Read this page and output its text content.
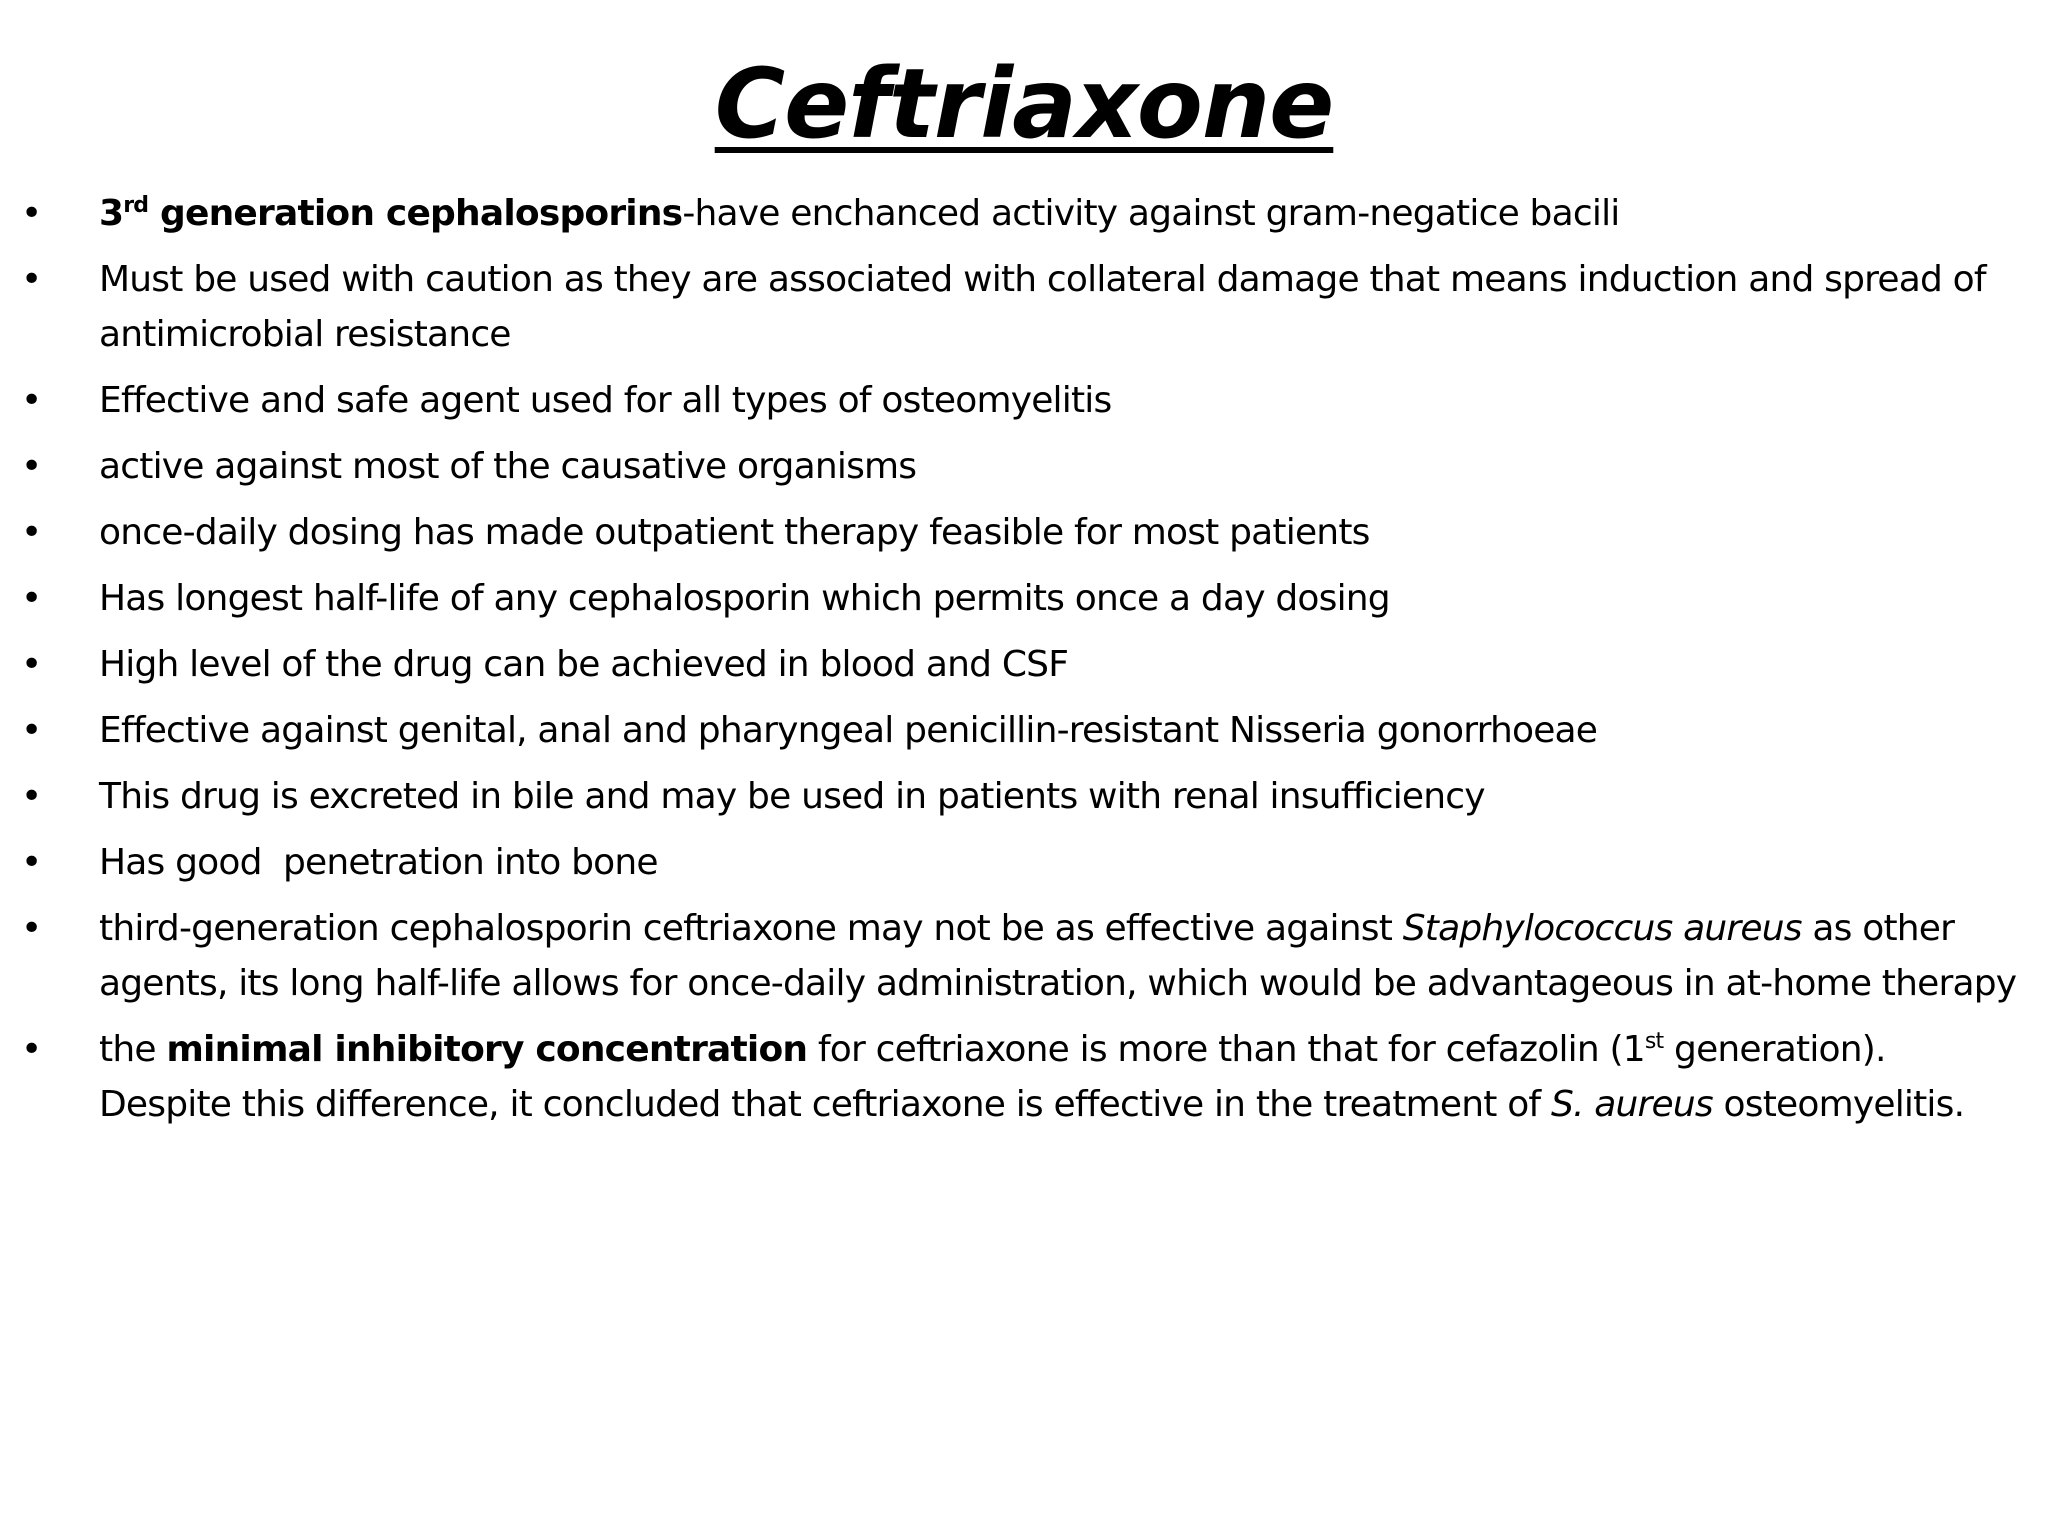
Ceftriaxone
• 3rd generation cephalosporins-have enchanced activity against gram-negatice bacili
• Must be used with caution as they are associated with collateral damage that means induction and spread of antimicrobial resistance
• Effective and safe agent used for all types of osteomyelitis
• active against most of the causative organisms
• once-daily dosing has made outpatient therapy feasible for most patients
• Has longest half-life of any cephalosporin which permits once a day dosing
• High level of the drug can be achieved in blood and CSF
• Effective against genital, anal and pharyngeal penicillin-resistant Nisseria gonorrhoeae
• This drug is excreted in bile and may be used in patients with renal insufficiency
• Has good  penetration into bone
• third-generation cephalosporin ceftriaxone may not be as effective against Staphylococcus aureus as other agents, its long half-life allows for once-daily administration, which would be advantageous in at-home therapy
• the minimal inhibitory concentration for ceftriaxone is more than that for cefazolin (1st generation). Despite this difference, it concluded that ceftriaxone is effective in the treatment of S. aureus osteomyelitis.
